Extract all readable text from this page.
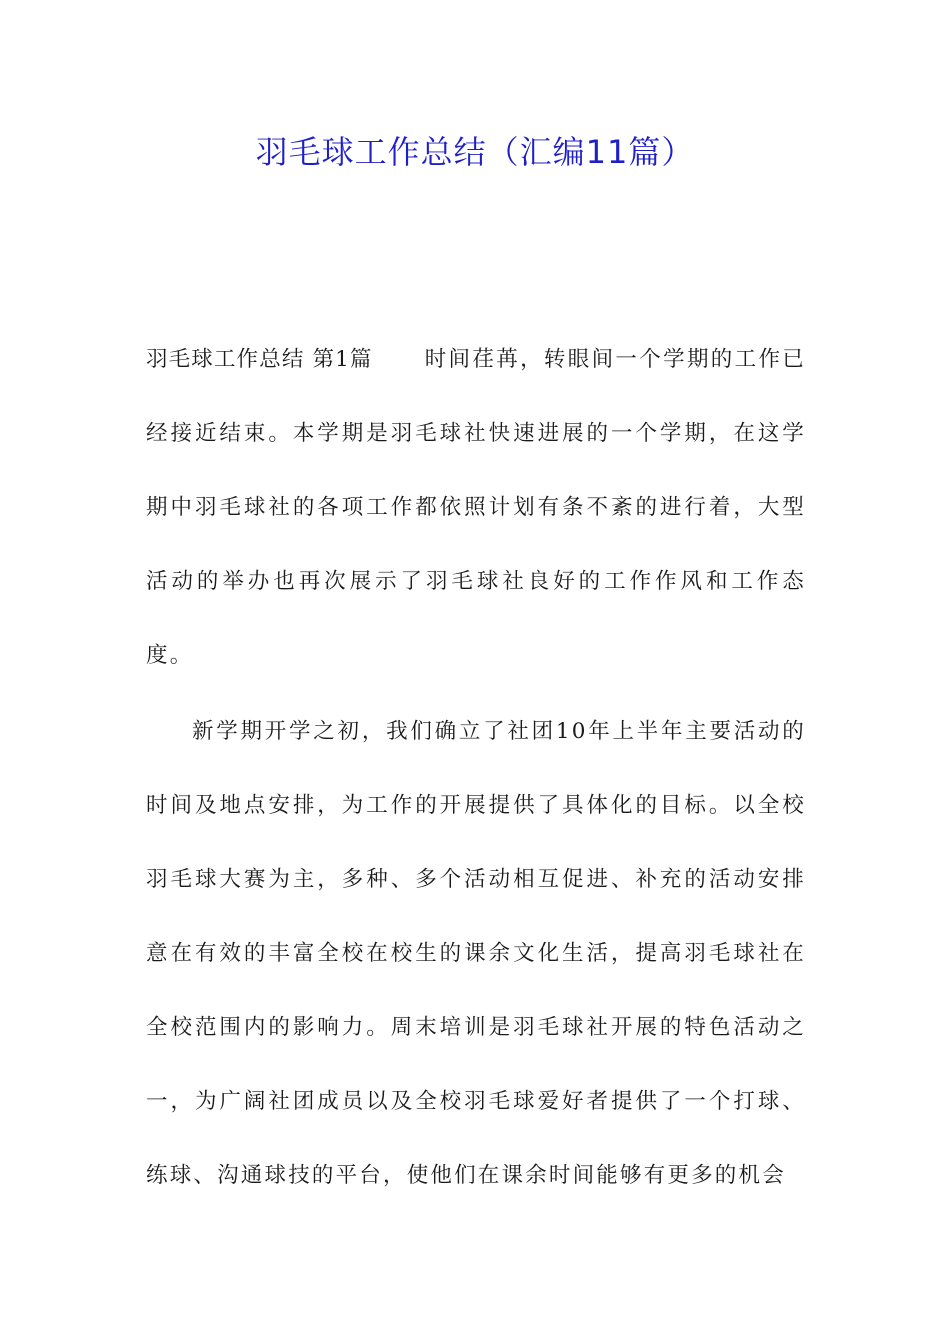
羽毛球工作总结（汇编11篇）

羽毛球工作总结 第1篇 时间荏苒，转眼间一个学期的工作已经接近结束。本学期是羽毛球社快速进展的一个学期，在这学期中羽毛球社的各项工作都依照计划有条不紊的进行着，大型活动的举办也再次展示了羽毛球社良好的工作作风和工作态度。

新学期开学之初，我们确立了社团10年上半年主要活动的时间及地点安排，为工作的开展提供了具体化的目标。以全校羽毛球大赛为主，多种、多个活动相互促进、补充的活动安排意在有效的丰富全校在校生的课余文化生活，提高羽毛球社在全校范围内的影响力。周末培训是羽毛球社开展的特色活动之一，为广阔社团成员以及全校羽毛球爱好者提供了一个打球、练球、沟通球技的平台，使他们在课余时间能够有更多的机会
